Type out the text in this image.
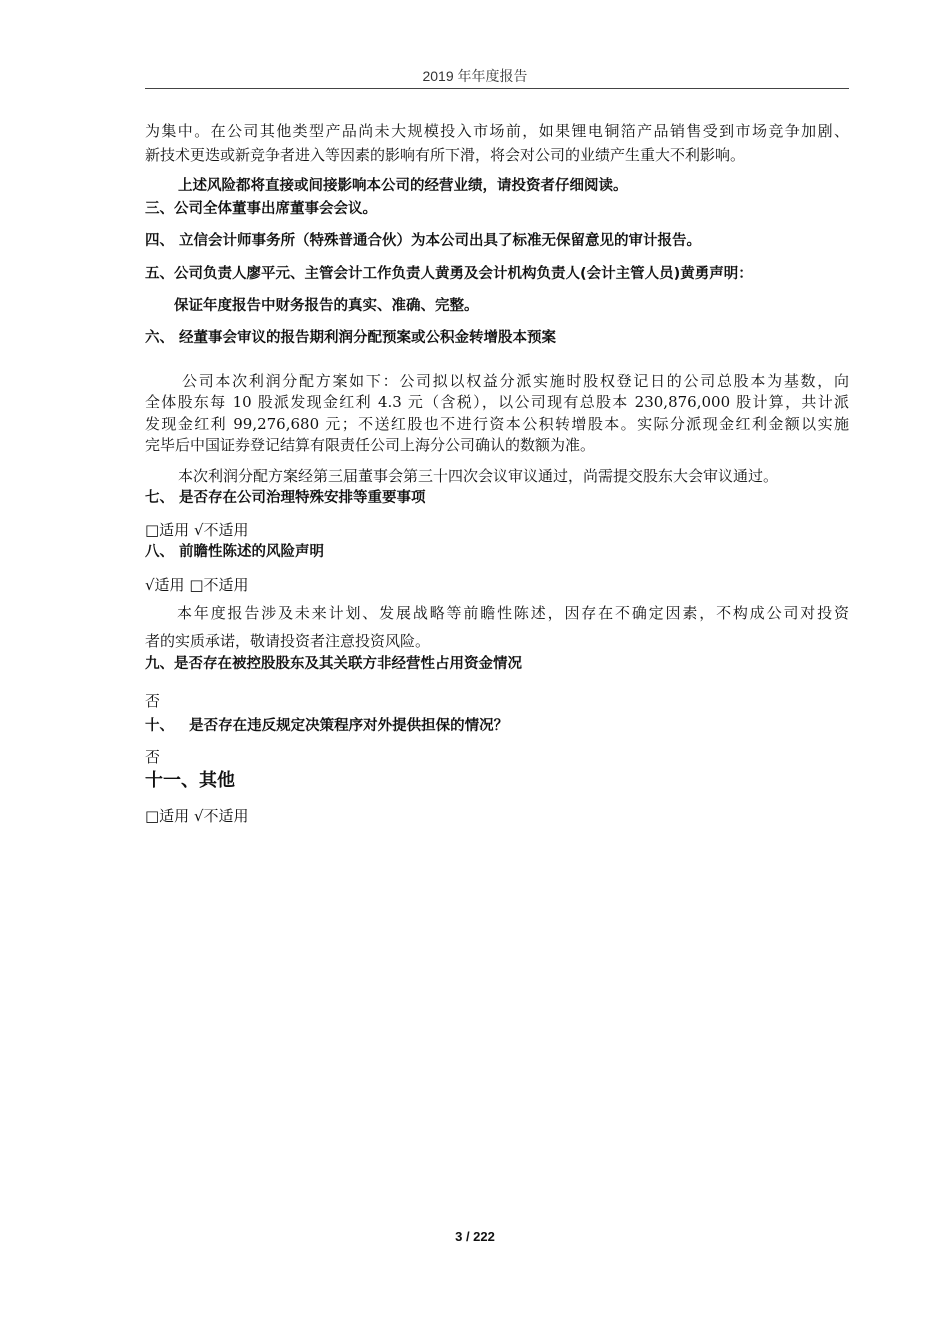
2019 年年度报告
为集中。在公司其他类型产品尚未大规模投入市场前，如果锂电铜箔产品销售受到市场竞争加剧、
新技术更迭或新竞争者进入等因素的影响有所下滑，将会对公司的业绩产生重大不利影响。
上述风险都将直接或间接影响本公司的经营业绩，请投资者仔细阅读。
三、公司全体董事出席董事会会议。
四、 立信会计师事务所（特殊普通合伙）为本公司出具了标准无保留意见的审计报告。
五、公司负责人廖平元、主管会计工作负责人黄勇及会计机构负责人(会计主管人员)黄勇声明：
保证年度报告中财务报告的真实、准确、完整。
六、 经董事会审议的报告期利润分配预案或公积金转增股本预案
公司本次利润分配方案如下：公司拟以权益分派实施时股权登记日的公司总股本为基数，向
全体股东每 10 股派发现金红利 4.3 元（含税），以公司现有总股本 230,876,000 股计算，共计派
发现金红利 99,276,680 元；不送红股也不进行资本公积转增股本。实际分派现金红利金额以实施
完毕后中国证券登记结算有限责任公司上海分公司确认的数额为准。
本次利润分配方案经第三届董事会第三十四次会议审议通过，尚需提交股东大会审议通过。
七、 是否存在公司治理特殊安排等重要事项
□适用 √不适用
八、 前瞻性陈述的风险声明
√适用 □不适用
本年度报告涉及未来计划、发展战略等前瞻性陈述，因存在不确定因素，不构成公司对投资
者的实质承诺，敬请投资者注意投资风险。
九、是否存在被控股股东及其关联方非经营性占用资金情况
否
十、   是否存在违反规定决策程序对外提供担保的情况？
否
十一、其他
□适用 √不适用
3 / 222
